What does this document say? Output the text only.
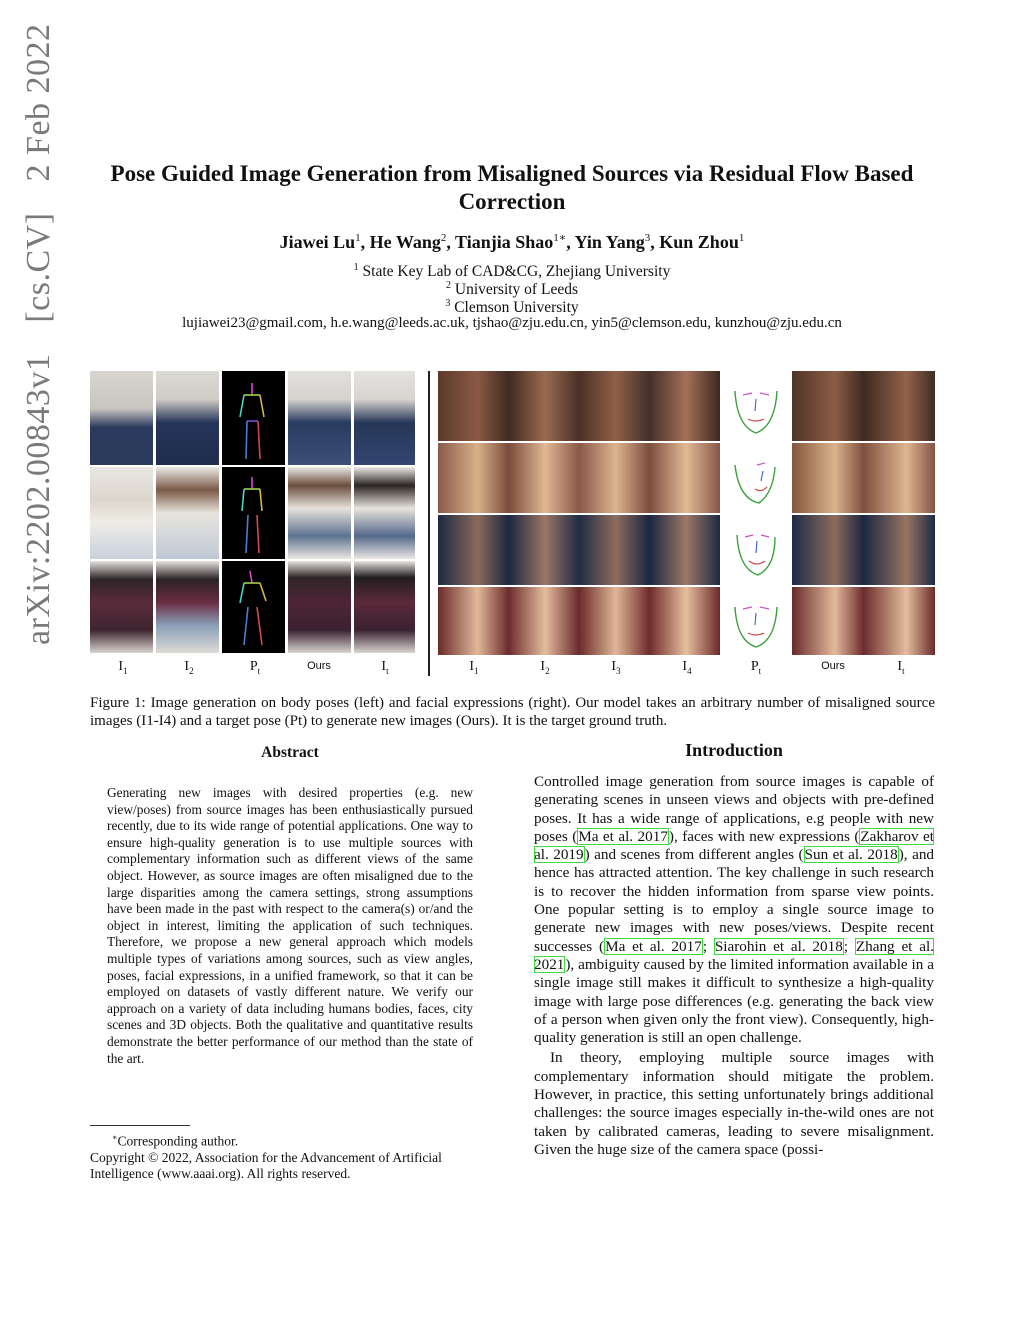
arXiv:2202.00843v1 [cs.CV] 2 Feb 2022	Pose Guided Image Generation from Misaligned Sources via Residual Flow Based
Correction
Jiawei Lu$^1$, He Wang$^2$, Tianjia Shao$^{1∗}$, Yin Yang$^3$, Kun Zhou$^1$
$^1$ State Key Lab of CAD&CG, Zhejiang University
$^2$ University of Leeds
$^3$ Clemson University
lujiawei23@gmail.com, h.e.wang@leeds.ac.uk, tjshao@zju.edu.cn, yin5@clemson.edu, kunzhou@zju.edu.cn
$I_1$	$I_2$	$P_t$	Ours	$I_t$	$I_1$	$I_2$	$I_3$	$I_4$	$P_t$	Ours	$I_t$
Figure 1: Image generation on body poses (left) and facial expressions (right). Our model takes an arbitrary number of misaligned source images (I1-I4) and a target pose (Pt) to generate new images (Ours). It is the target ground truth.
Abstract
Generating new images with desired properties (e.g. new view/poses) from source images has been enthusiastically pursued recently, due to its wide range of potential applications. One way to ensure high-quality generation is to use multiple sources with complementary information such as different views of the same object. However, as source images are often misaligned due to the large disparities among the camera settings, strong assumptions have been made in the past with respect to the camera(s) or/and the object in interest, limiting the application of such techniques. Therefore, we propose a new general approach which models multiple types of variations among sources, such as view angles, poses, facial expressions, in a unified framework, so that it can be employed on datasets of vastly different nature. We verify our approach on a variety of data including humans bodies, faces, city scenes and 3D objects. Both the qualitative and quantitative results demonstrate the better performance of our method than the state of the art.
∗Corresponding author.
Copyright © 2022, Association for the Advancement of Artificial Intelligence (www.aaai.org). All rights reserved.
Introduction

Controlled image generation from source images is capable of generating scenes in unseen views and objects with pre-defined poses. It has a wide range of applications, e.g people with new poses (Ma et al. 2017), faces with new expressions (Zakharov et al. 2019) and scenes from different angles (Sun et al. 2018), and hence has attracted attention. The key challenge in such research is to recover the hidden information from sparse view points. One popular setting is to employ a single source image to generate new images with new poses/views. Despite recent successes (Ma et al. 2017; Siarohin et al. 2018; Zhang et al. 2021), ambiguity caused by the limited information available in a single image still makes it difficult to synthesize a high-quality image with large pose differences (e.g. generating the back view of a person when given only the front view). Consequently, high-quality generation is still an open challenge.

In theory, employing multiple source images with complementary information should mitigate the problem. However, in practice, this setting unfortunately brings additional challenges: the source images especially in-the-wild ones are not taken by calibrated cameras, leading to severe misalignment. Given the huge size of the camera space (possi-
